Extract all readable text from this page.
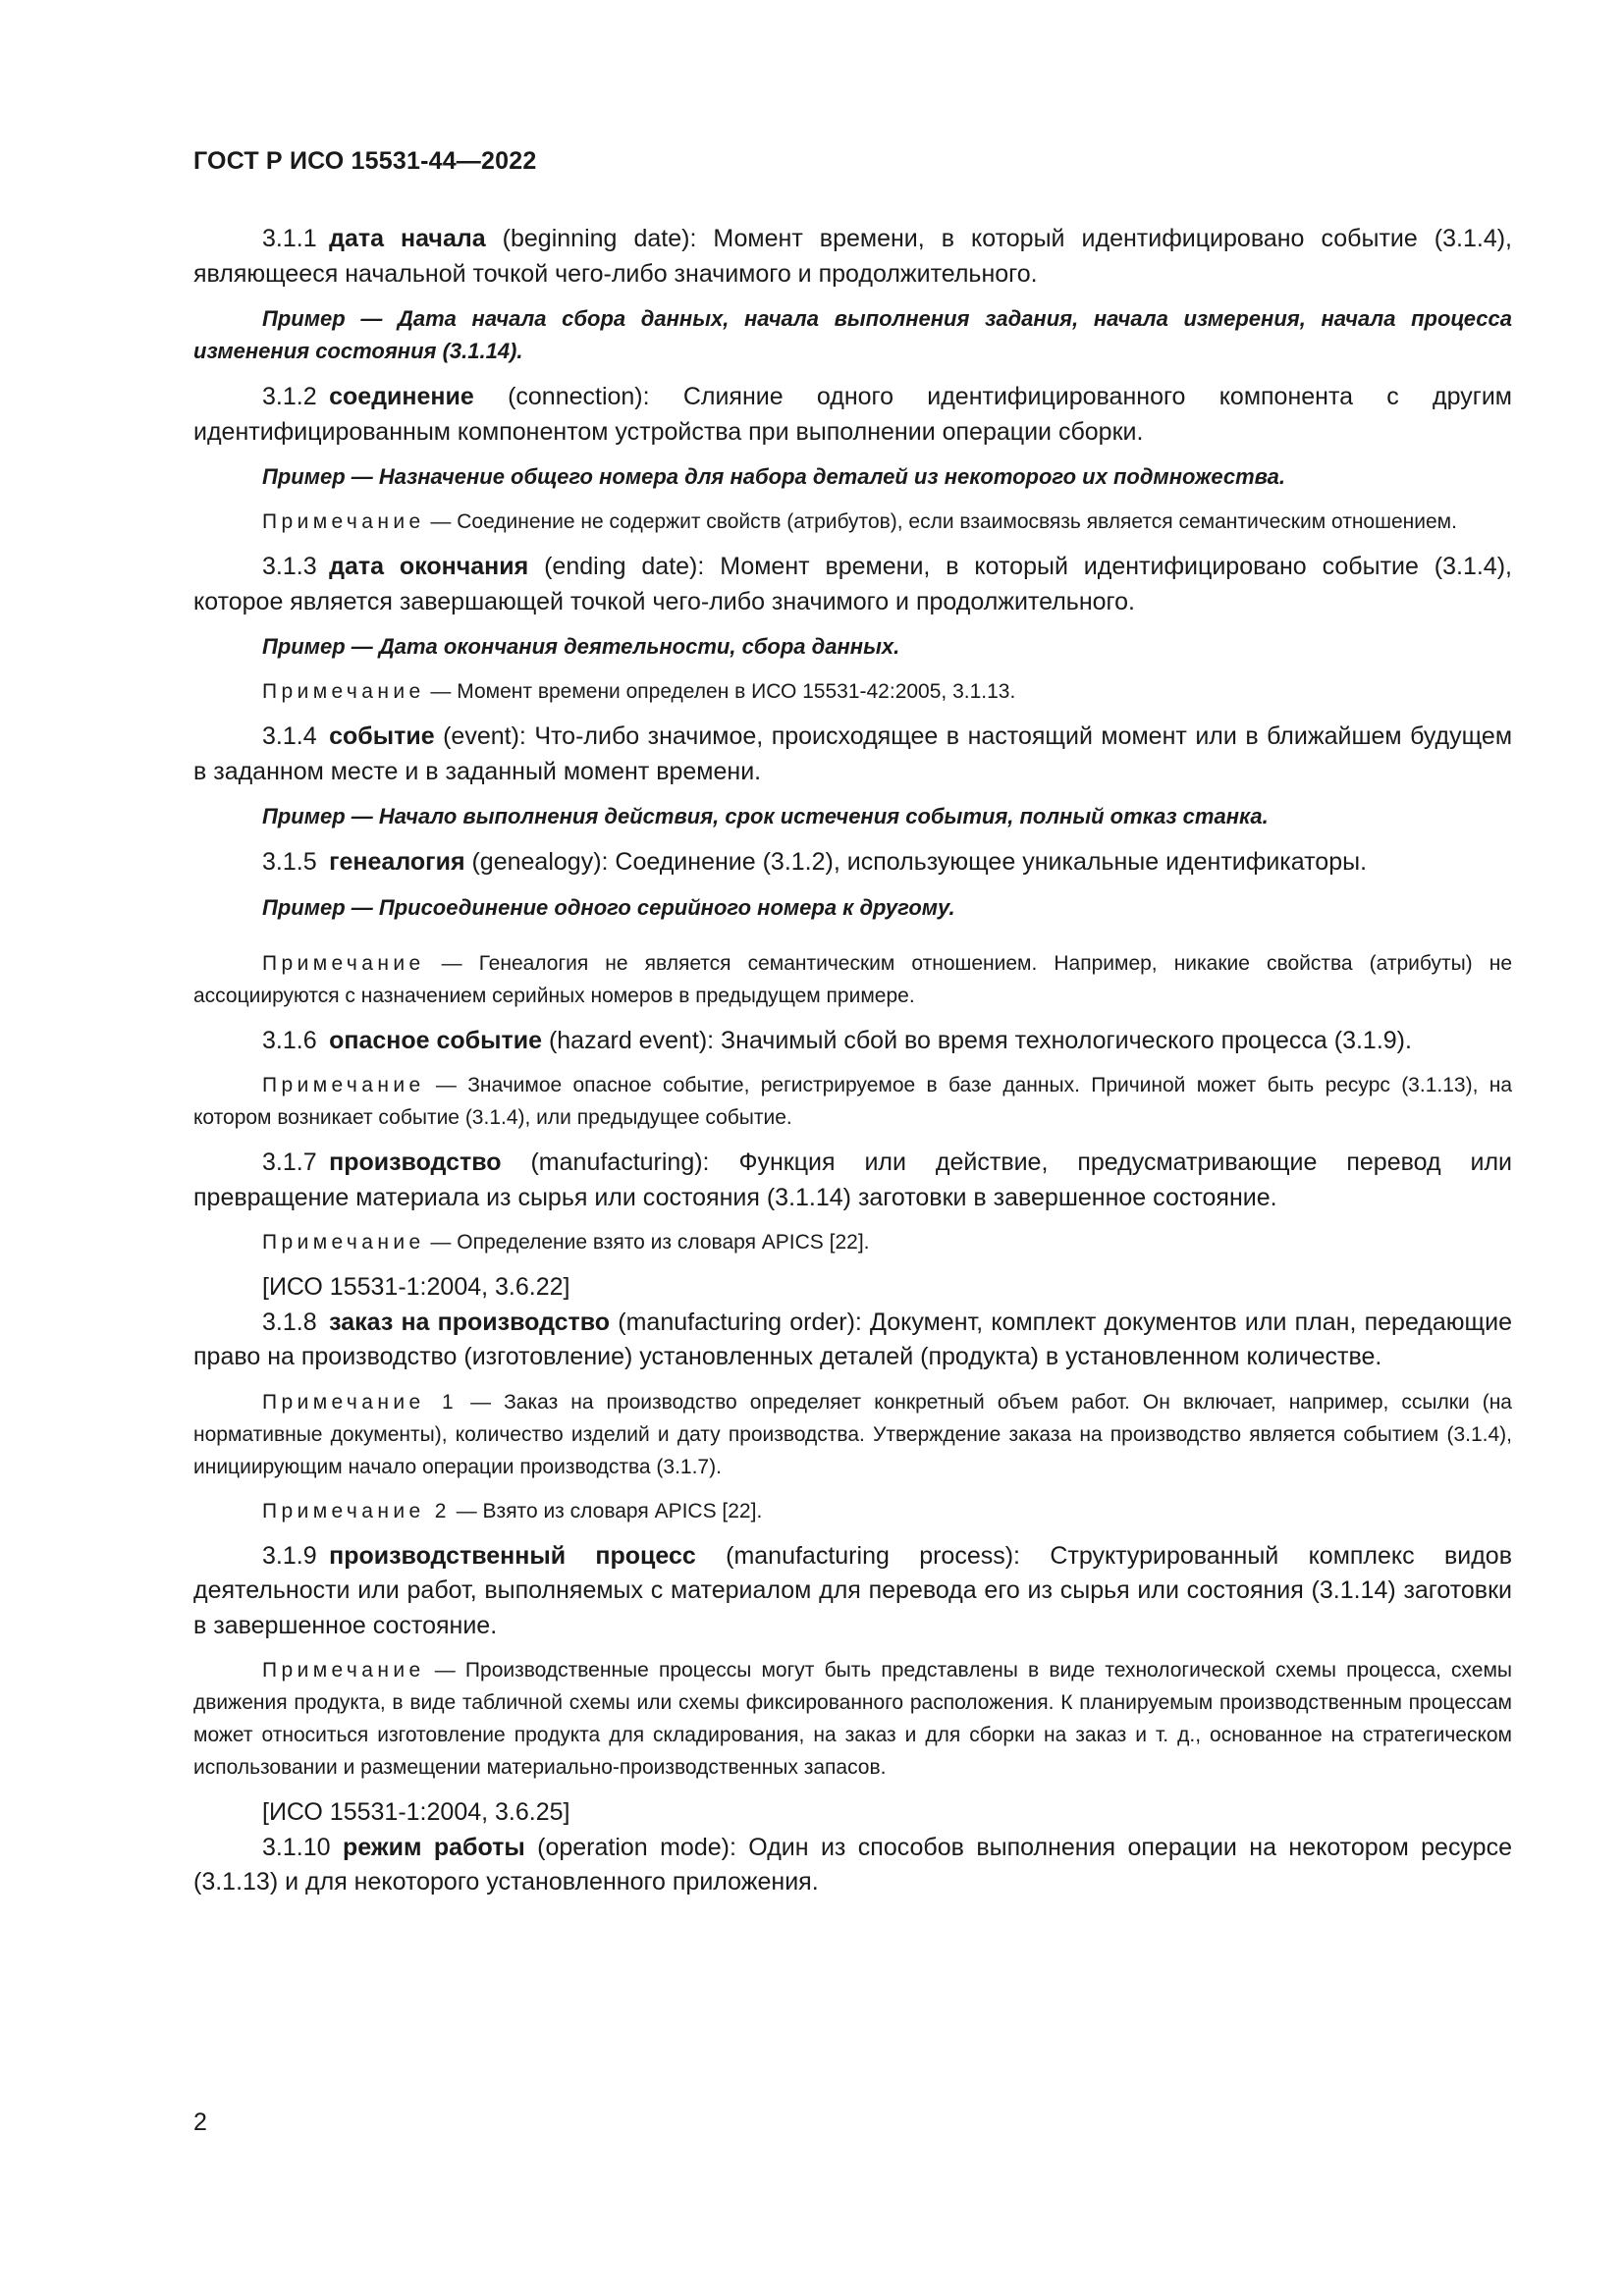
ГОСТ Р ИСО 15531-44—2022

3.1.1  дата начала (beginning date): Момент времени, в который идентифицировано событие (3.1.4), являющееся начальной точкой чего-либо значимого и продолжительного.

Пример — Дата начала сбора данных, начала выполнения задания, начала измерения, начала процесса изменения состояния (3.1.14).

3.1.2  соединение (connection): Слияние одного идентифицированного компонента с другим идентифицированным компонентом устройства при выполнении операции сборки.

Пример — Назначение общего номера для набора деталей из некоторого их подмножества.

Примечание — Соединение не содержит свойств (атрибутов), если взаимосвязь является семантическим отношением.

3.1.3  дата окончания (ending date): Момент времени, в который идентифицировано событие (3.1.4), которое является завершающей точкой чего-либо значимого и продолжительного.

Пример — Дата окончания деятельности, сбора данных.

Примечание — Момент времени определен в ИСО 15531-42:2005, 3.1.13.

3.1.4  событие (event): Что-либо значимое, происходящее в настоящий момент или в ближайшем будущем в заданном месте и в заданный момент времени.

Пример — Начало выполнения действия, срок истечения события, полный отказ станка.

3.1.5  генеалогия (genealogy): Соединение (3.1.2), использующее уникальные идентификаторы.

Пример — Присоединение одного серийного номера к другому.

Примечание — Генеалогия не является семантическим отношением. Например, никакие свойства (атрибуты) не ассоциируются с назначением серийных номеров в предыдущем примере.

3.1.6  опасное событие (hazard event): Значимый сбой во время технологического процесса (3.1.9).

Примечание — Значимое опасное событие, регистрируемое в базе данных. Причиной может быть ресурс (3.1.13), на котором возникает событие (3.1.4), или предыдущее событие.

3.1.7  производство (manufacturing): Функция или действие, предусматривающие перевод или превращение материала из сырья или состояния (3.1.14) заготовки в завершенное состояние.

Примечание — Определение взято из словаря APICS [22].

[ИСО 15531-1:2004, 3.6.22]

3.1.8  заказ на производство (manufacturing order): Документ, комплект документов или план, передающие право на производство (изготовление) установленных деталей (продукта) в установленном количестве.

Примечание 1 — Заказ на производство определяет конкретный объем работ. Он включает, например, ссылки (на нормативные документы), количество изделий и дату производства. Утверждение заказа на производство является событием (3.1.4), инициирующим начало операции производства (3.1.7).

Примечание 2 — Взято из словаря APICS [22].

3.1.9  производственный процесс (manufacturing process): Структурированный комплекс видов деятельности или работ, выполняемых с материалом для перевода его из сырья или состояния (3.1.14) заготовки в завершенное состояние.

Примечание — Производственные процессы могут быть представлены в виде технологической схемы процесса, схемы движения продукта, в виде табличной схемы или схемы фиксированного расположения. К планируемым производственным процессам может относиться изготовление продукта для складирования, на заказ и для сборки на заказ и т. д., основанное на стратегическом использовании и размещении материально-производственных запасов.

[ИСО 15531-1:2004, 3.6.25]

3.1.10  режим работы (operation mode): Один из способов выполнения операции на некотором ресурсе (3.1.13) и для некоторого установленного приложения.

2
